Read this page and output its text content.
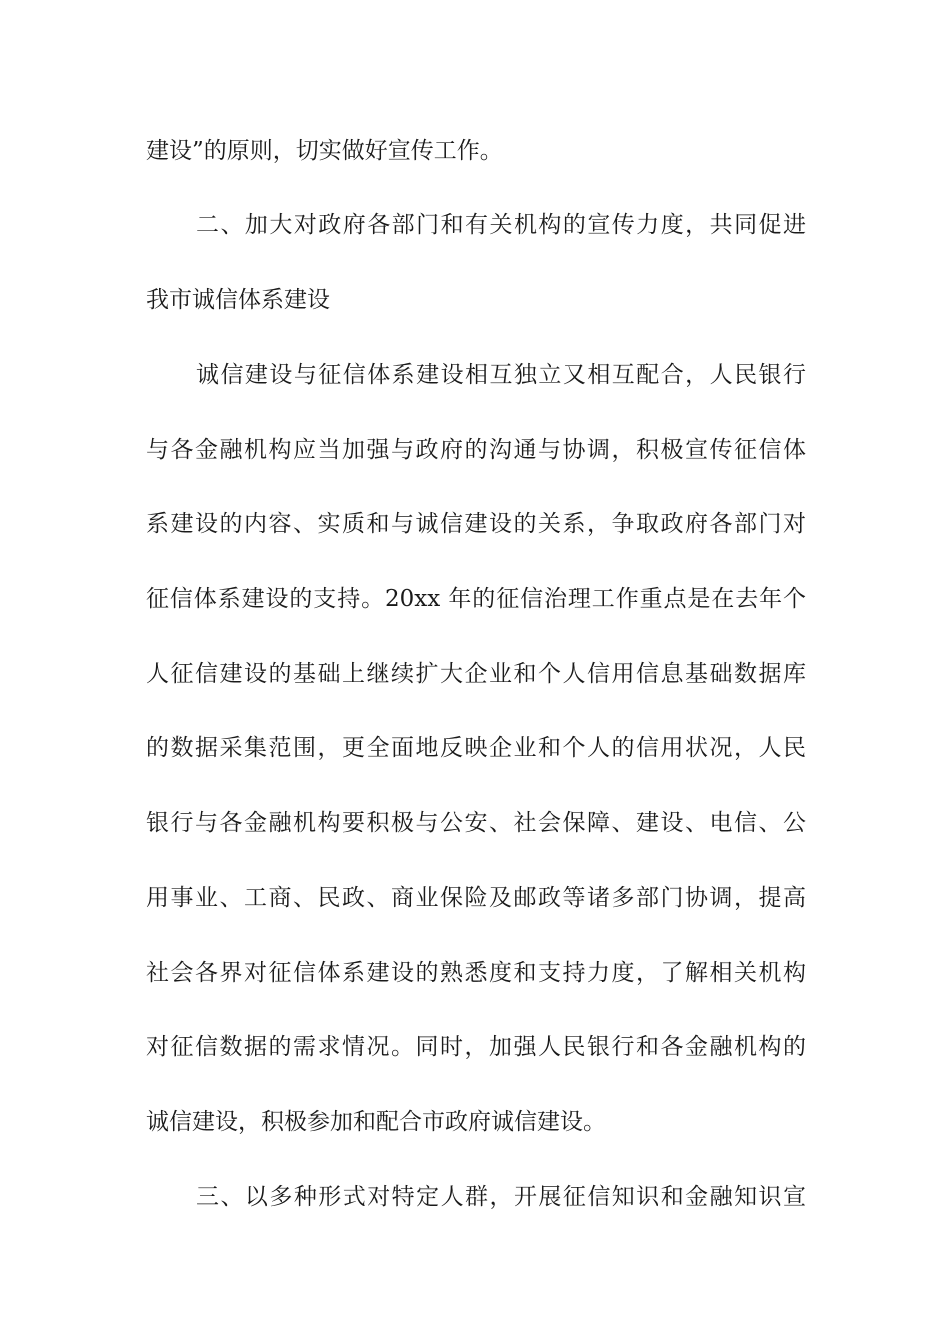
建设”的原则，切实做好宣传工作。
二、加大对政府各部门和有关机构的宣传力度，共同促进
我市诚信体系建设
诚信建设与征信体系建设相互独立又相互配合，人民银行
与各金融机构应当加强与政府的沟通与协调，积极宣传征信体
系建设的内容、实质和与诚信建设的关系，争取政府各部门对
征信体系建设的支持。20xx 年的征信治理工作重点是在去年个
人征信建设的基础上继续扩大企业和个人信用信息基础数据库
的数据采集范围，更全面地反映企业和个人的信用状况，人民
银行与各金融机构要积极与公安、社会保障、建设、电信、公
用事业、工商、民政、商业保险及邮政等诸多部门协调，提高
社会各界对征信体系建设的熟悉度和支持力度，了解相关机构
对征信数据的需求情况。同时，加强人民银行和各金融机构的
诚信建设，积极参加和配合市政府诚信建设。
三、以多种形式对特定人群，开展征信知识和金融知识宣
